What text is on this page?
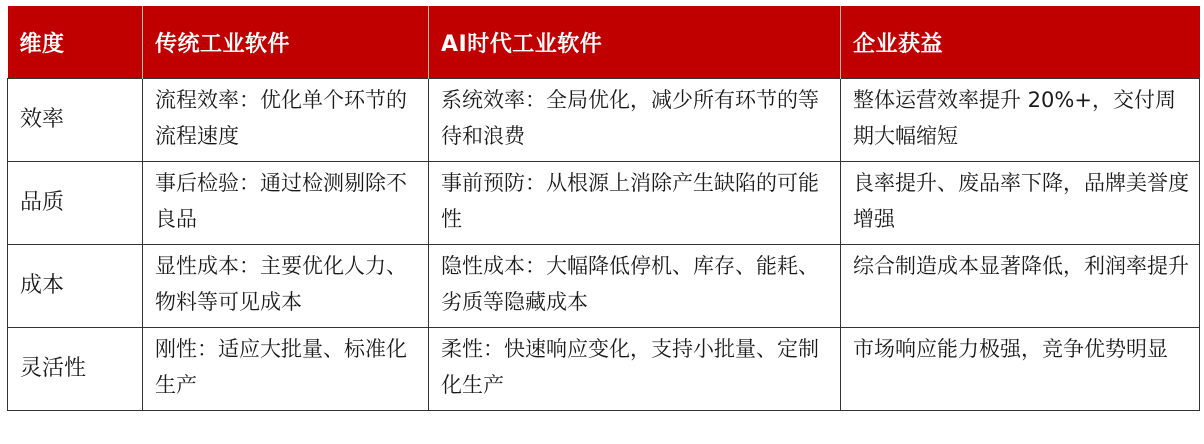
维度	传统工业软件	AI时代工业软件	企业获益
效率	流程效率：优化单个环节的流程速度	系统效率：全局优化，减少所有环节的等待和浪费	整体运营效率提升 20%+，交付周期大幅缩短
品质	事后检验：通过检测剔除不良品	事前预防：从根源上消除产生缺陷的可能性	良率提升、废品率下降，品牌美誉度增强
成本	显性成本：主要优化人力、物料等可见成本	隐性成本：大幅降低停机、库存、能耗、劣质等隐藏成本	综合制造成本显著降低，利润率提升
灵活性	刚性：适应大批量、标准化生产	柔性：快速响应变化，支持小批量、定制化生产	市场响应能力极强，竞争优势明显
